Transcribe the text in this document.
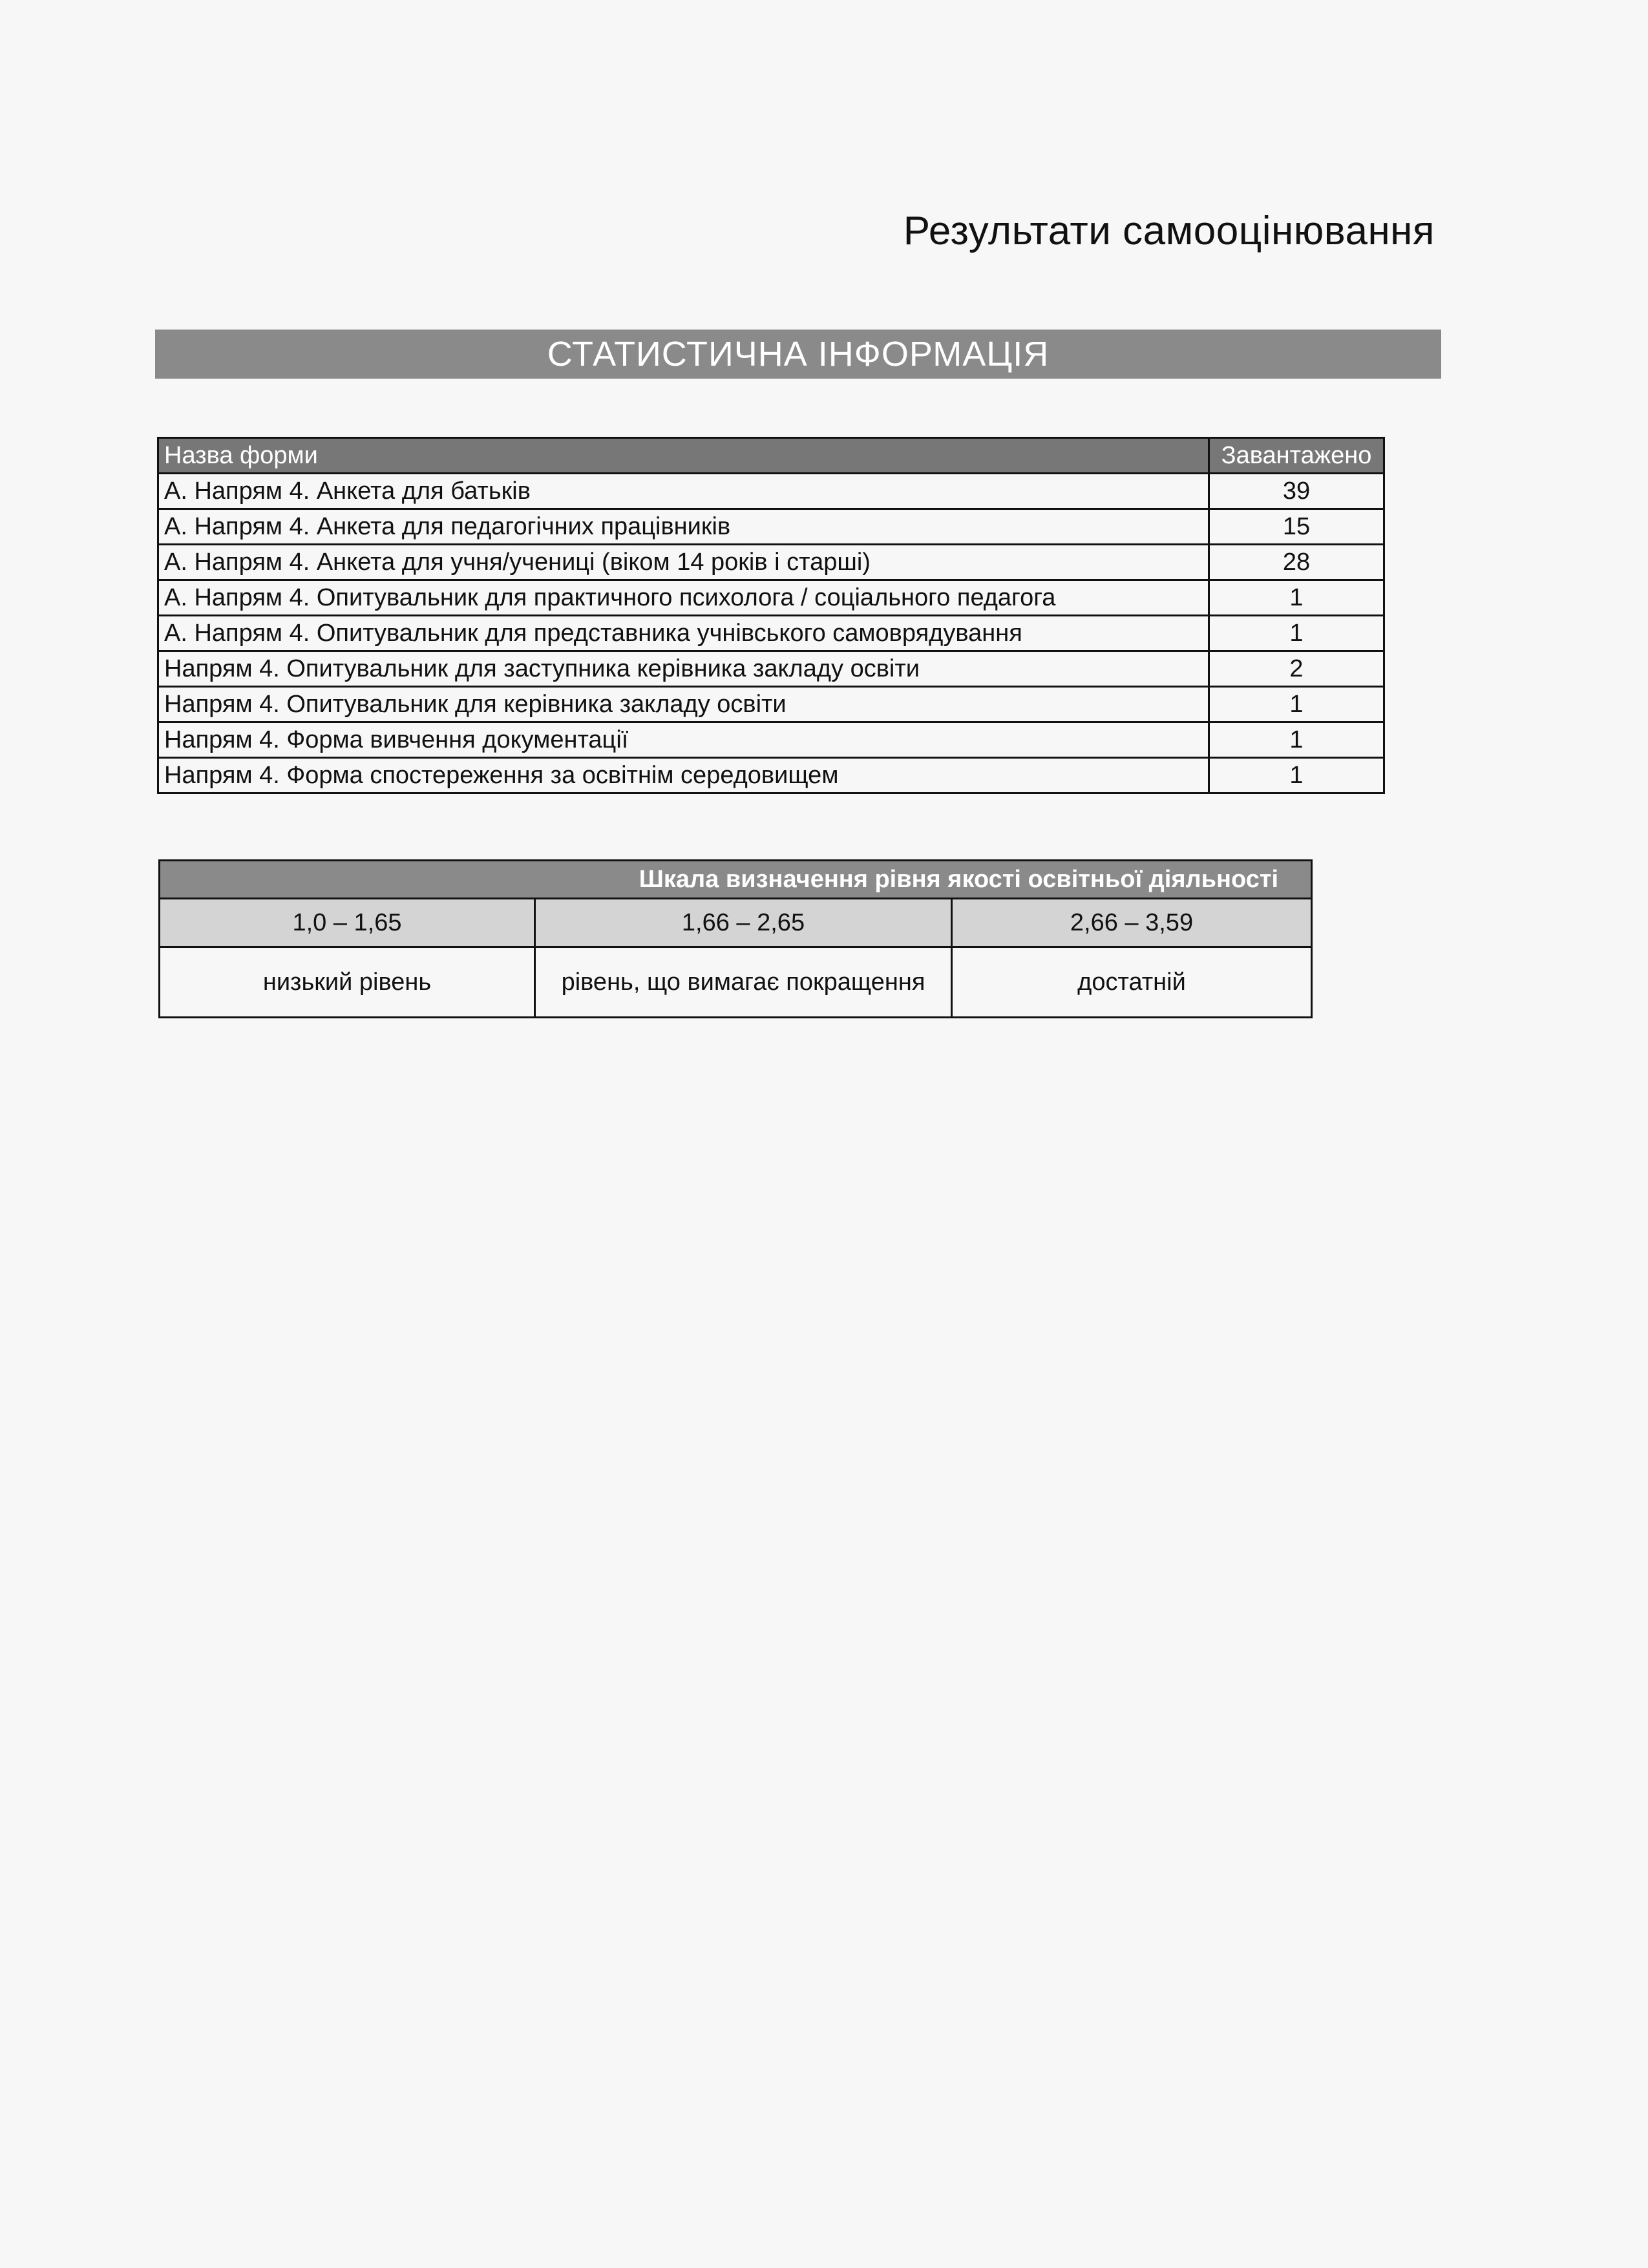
Результати самооцінювання
СТАТИСТИЧНА ІНФОРМАЦІЯ
Назва форми	Завантажено
А. Напрям 4. Анкета для батьків	39
А. Напрям 4. Анкета для педагогічних працівників	15
А. Напрям 4. Анкета для учня/учениці (віком 14 років і старші)	28
А. Напрям 4. Опитувальник для практичного психолога / соціального педагога	1
А. Напрям 4. Опитувальник для представника учнівського самоврядування	1
Напрям 4. Опитувальник для заступника керівника закладу освіти	2
Напрям 4. Опитувальник для керівника закладу освіти	1
Напрям 4. Форма вивчення документації	1
Напрям 4. Форма спостереження за освітнім середовищем	1
Шкала визначення рівня якості освітньої діяльності		
1,0 – 1,65	1,66 – 2,65	2,66 – 3,59
низький рівень	рівень, що вимагає покращення	достатній
